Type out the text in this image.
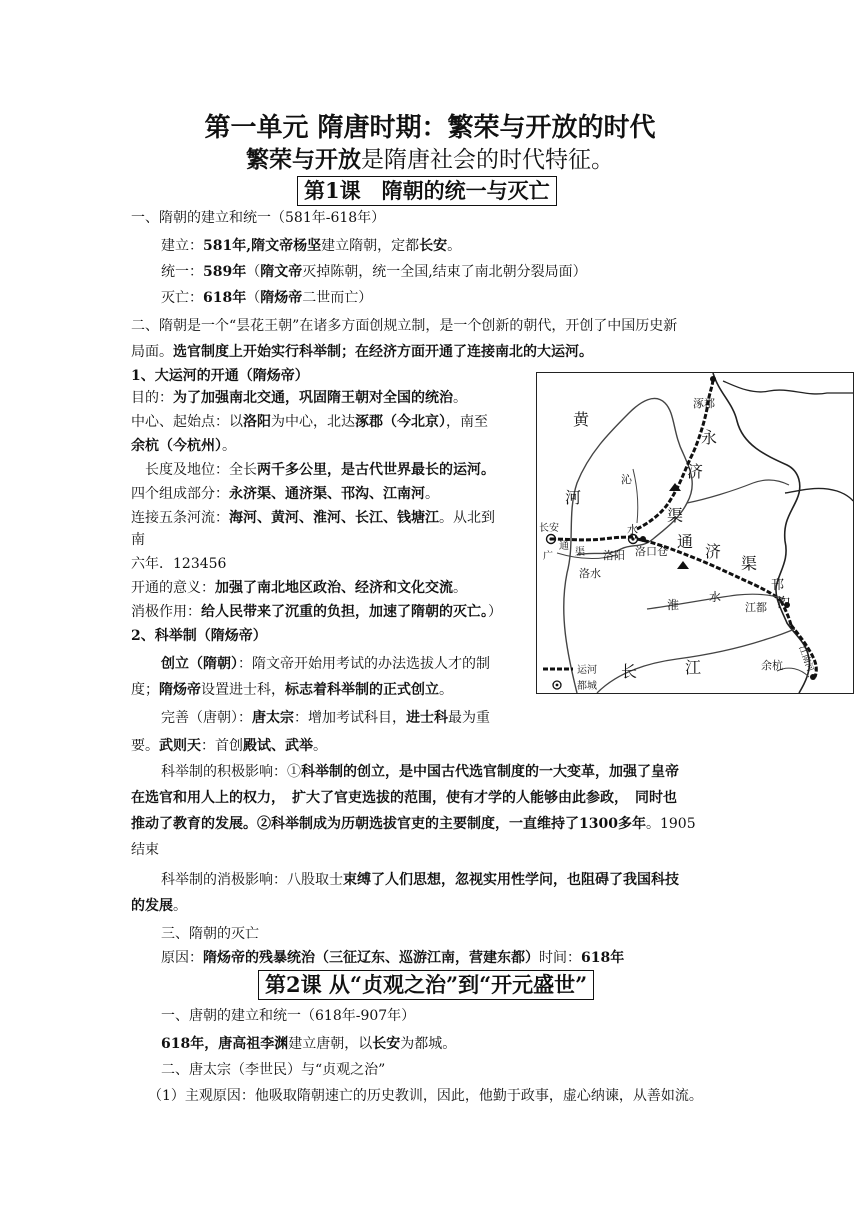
第一单元 隋唐时期：繁荣与开放的时代
繁荣与开放是隋唐社会的时代特征。
第1课　隋朝的统一与灭亡
一、隋朝的建立和统一（581年-618年）
建立：581年,隋文帝杨坚建立隋朝，定都长安。
统一：589年（隋文帝灭掉陈朝，统一全国,结束了南北朝分裂局面）
灭亡：618年（隋炀帝二世而亡）
二、隋朝是一个“昙花王朝”在诸多方面创规立制，是一个创新的朝代，开创了中国历史新
局面。选官制度上开始实行科举制；在经济方面开通了连接南北的大运河。
1、大运河的开通（隋炀帝）
目的：为了加强南北交通，巩固隋王朝对全国的统治。
中心、起始点：以洛阳为中心，北达涿郡（今北京），南至
余杭（今杭州）。
长度及地位：全长两千多公里，是古代世界最长的运河。
四个组成部分：永济渠、通济渠、邗沟、江南河。
连接五条河流：海河、黄河、淮河、长江、钱塘江。从北到
南
六年．123456
开通的意义：加强了南北地区政治、经济和文化交流。
消极作用：给人民带来了沉重的负担，加速了隋朝的灭亡。）
2、科举制（隋炀帝）
创立（隋朝）：隋文帝开始用考试的办法选拔人才的制
度；隋炀帝设置进士科，标志着科举制的正式创立。
完善（唐朝）：唐太宗：增加考试科目，进士科最为重
要。武则天：首创殿试、武举。
科举制的积极影响：①科举制的创立，是中国古代选官制度的一大变革，加强了皇帝
在选官和用人上的权力，　扩大了官吏选拔的范围，使有才学的人能够由此参政，　同时也
推动了教育的发展。②科举制成为历朝选拔官吏的主要制度，一直维持了1300多年。1905
结束
科举制的消极影响：八股取士束缚了人们思想，忽视实用性学问，也阻碍了我国科技
的发展。
三、隋朝的灭亡
原因：隋炀帝的残暴统治（三征辽东、巡游江南，营建东都）时间：618年
第2课 从“贞观之治”到“开元盛世”
一、唐朝的建立和统一（618年-907年）
618年，唐高祖李渊建立唐朝，以长安为都城。
二、唐太宗（李世民）与“贞观之治”
（1）主观原因：他吸取隋朝速亡的历史教训，因此，他勤于政事，虚心纳谏，从善如流。
涿郡
黄
河
永
济
沁
水
渠
长安
洛阳 洛口仓
通
济
渠
广
通
渠
洛水
淮
水
江都
邗
沟
江南河
余杭
长	江
运河
都城
